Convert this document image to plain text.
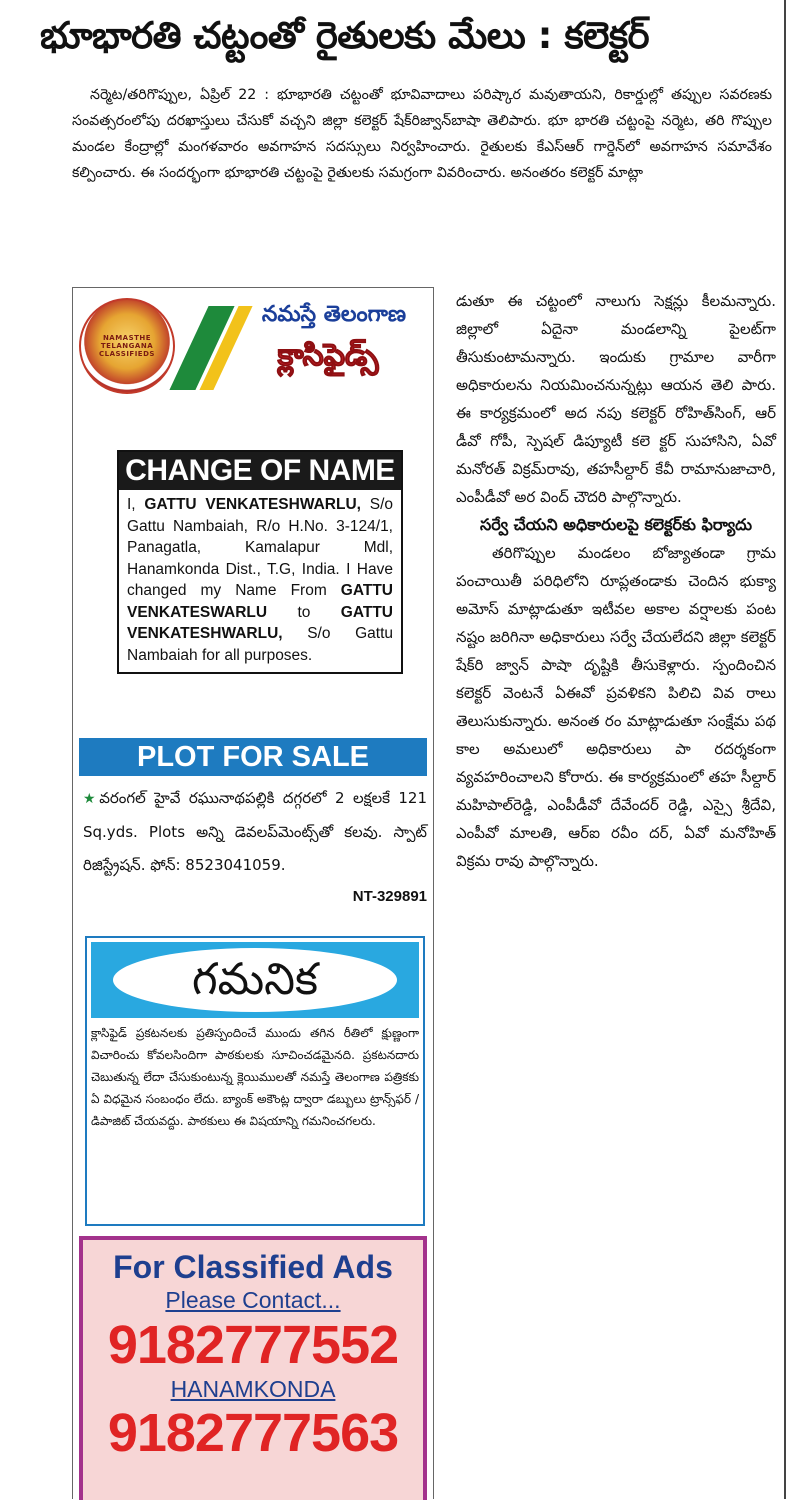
భూభారతి చట్టంతో రైతులకు మేలు : కలెక్టర్
నర్మెట/తరిగొప్పుల, ఏప్రిల్ 22 : భూభారతి చట్టంతో భూవివాదాలు పరిష్కార మవుతాయని, రికార్డుల్లో తప్పుల సవరణకు సంవత్సరంలోపు దరఖాస్తులు చేసుకో వచ్చని జిల్లా కలెక్టర్ షేక్‌రిజ్వాన్‌బాషా తెలిపారు. భూ భారతి చట్టంపై నర్మెట, తరి గొప్పుల మండల కేంద్రాల్లో మంగళవారం అవగాహన సదస్సులు నిర్వహించారు. రైతులకు కేఎస్ఆర్ గార్డెన్‌లో అవగాహన సమావేశం కల్పించారు. ఈ సందర్భంగా భూభారతి చట్టంపై రైతులకు సమగ్రంగా వివరించారు. అనంతరం కలెక్టర్ మాట్లా

డుతూ ఈ చట్టంలో నాలుగు సెక్షన్లు కీలమన్నారు. జిల్లాలో ఏదైనా మండలాన్ని పైలట్‌గా తీసుకుంటామన్నారు. ఇందుకు గ్రామాల వారీగా అధికారులను నియమించనున్నట్లు ఆయన తెలి పారు. ఈ కార్యక్రమంలో అద నపు కలెక్టర్ రోహిత్‌సింగ్, ఆర్ డీవో గోపీ, స్పెషల్ డిప్యూటీ కలె క్టర్ సుహాసిని, ఏవో మనోరత్ విక్రమ్‌రావు, తహసీల్దార్ కేవీ రామానుజాచారి, ఎంపీడీవో అర వింద్ చౌదరి పాల్గొన్నారు.

సర్వే చేయని అధికారులపై కలెక్టర్‌కు ఫిర్యాదు

తరిగొప్పుల మండలం బోజ్యాతండా గ్రామ పంచాయితీ పరిధిలోని రూప్లతండాకు చెందిన భుక్యా అమోస్ మాట్లాడుతూ ఇటీవల అకాల వర్షాలకు పంట నష్టం జరిగినా అధికారులు సర్వే చేయలేదని జిల్లా కలెక్టర్ షేక్‌రి జ్వాన్ పాషా దృష్టికి తీసుకెళ్లారు. స్పందించిన కలెక్టర్ వెంటనే ఏఈవో ప్రవళికని పిలిచి వివ రాలు తెలుసుకున్నారు. అనంత రం మాట్లాడుతూ సంక్షేమ పథ కాల అమలులో అధికారులు పా రదర్శకంగా వ్యవహరించాలని కోరారు. ఈ కార్యక్రమంలో తహ సీల్దార్ మహిపాల్‌రెడ్డి, ఎంపీడీవో దేవేందర్ రెడ్డి, ఎస్సై శ్రీదేవి, ఎంపీవో మాలతి, ఆర్ఐ రవీం దర్, ఏవో మనోహిత్ విక్రమ రావు పాల్గొన్నారు.

NAMASTHE TELANGANA CLASSIFIEDS
నమస్తే తెలంగాణ
క్లాసిఫైడ్స్
CHANGE OF NAME
I, GATTU VENKATESHWARLU, S/o Gattu Nambaiah, R/o H.No. 3-124/1, Panagatla, Kamalapur Mdl, Hanamkonda Dist., T.G, India. I Have changed my Name From GATTU VENKATESWARLU to GATTU VENKATESHWARLU, S/o Gattu Nambaiah for all purposes.
PLOT FOR SALE
★వరంగల్ హైవే రఘునాథపల్లికి దగ్గరలో 2 లక్షలకే 121 Sq.yds. Plots అన్ని డెవలప్‌మెంట్స్‌తో కలవు. స్పాట్ రిజిస్ట్రేషన్. ఫోన్: 8523041059.
NT-329891
గమనిక
క్లాసిఫైడ్ ప్రకటనలకు ప్రతిస్పందించే ముందు తగిన రీతిలో క్షుణ్ణంగా విచారించు కోవలసిందిగా పాఠకులకు సూచించడమైనది. ప్రకటనదారు చెబుతున్న లేదా చేసుకుంటున్న క్లెయిములతో నమస్తే తెలంగాణ పత్రికకు ఏ విధమైన సంబంధం లేదు. బ్యాంక్ అకౌంట్ల ద్వారా డబ్బులు ట్రాన్స్‌ఫర్ / డిపాజిట్ చేయవద్దు. పాఠకులు ఈ విషయాన్ని గమనించగలరు.
For Classified Ads
Please Contact...
9182777552
HANAMKONDA
9182777563
